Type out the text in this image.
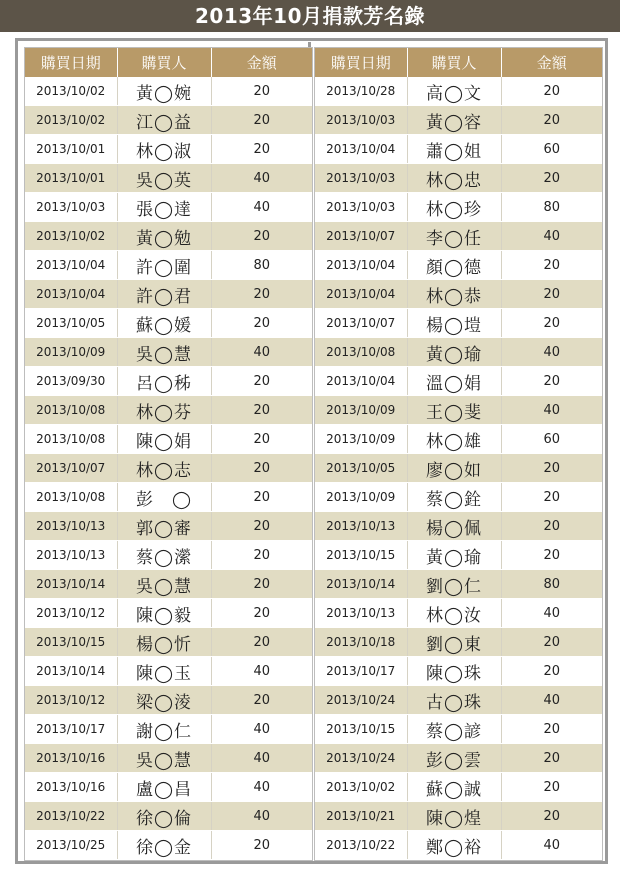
2013年10月捐款芳名錄
購買日期	購買人	金額
2013/10/02	黃◯婉	20
2013/10/02	江◯益	20
2013/10/01	林◯淑	20
2013/10/01	吳◯英	40
2013/10/03	張◯達	40
2013/10/02	黃◯勉	20
2013/10/04	許◯圍	80
2013/10/04	許◯君	20
2013/10/05	蘇◯媛	20
2013/10/09	吳◯慧	40
2013/09/30	呂◯秭	20
2013/10/08	林◯芬	20
2013/10/08	陳◯娟	20
2013/10/07	林◯志	20
2013/10/08	彭　◯	20
2013/10/13	郭◯審	20
2013/10/13	蔡◯瀠	20
2013/10/14	吳◯慧	20
2013/10/12	陳◯毅	20
2013/10/15	楊◯忻	20
2013/10/14	陳◯玉	40
2013/10/12	梁◯淩	20
2013/10/17	謝◯仁	40
2013/10/16	吳◯慧	40
2013/10/16	盧◯昌	40
2013/10/22	徐◯倫	40
2013/10/25	徐◯金	20
購買日期	購買人	金額
2013/10/28	高◯文	20
2013/10/03	黃◯容	20
2013/10/04	蕭◯姐	60
2013/10/03	林◯忠	20
2013/10/03	林◯珍	80
2013/10/07	李◯任	40
2013/10/04	顏◯德	20
2013/10/04	林◯恭	20
2013/10/07	楊◯塏	20
2013/10/08	黃◯瑜	40
2013/10/04	溫◯娟	20
2013/10/09	王◯斐	40
2013/10/09	林◯雄	60
2013/10/05	廖◯如	20
2013/10/09	蔡◯銓	20
2013/10/13	楊◯佩	20
2013/10/15	黃◯瑜	20
2013/10/14	劉◯仁	80
2013/10/13	林◯汝	40
2013/10/18	劉◯東	20
2013/10/17	陳◯珠	20
2013/10/24	古◯珠	40
2013/10/15	蔡◯諺	20
2013/10/24	彭◯雲	20
2013/10/02	蘇◯誠	20
2013/10/21	陳◯煌	20
2013/10/22	鄭◯裕	40
